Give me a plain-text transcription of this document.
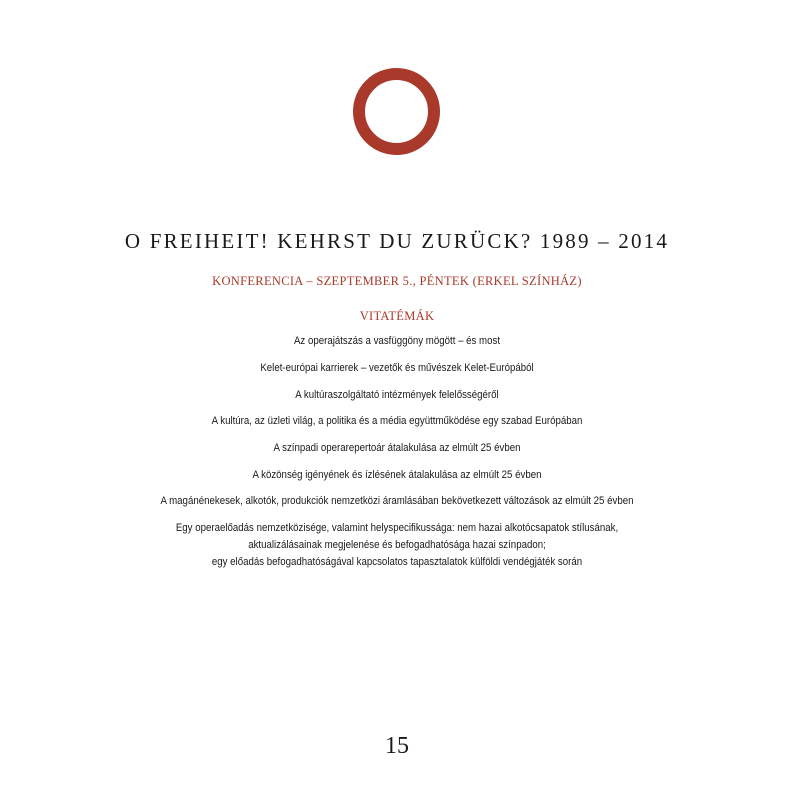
O FREIHEIT! KEHRST DU ZURÜCK? 1989 – 2014
KONFERENCIA – SZEPTEMBER 5., PÉNTEK (ERKEL SZÍNHÁZ)
VITATÉMÁK
Az operajátszás a vasfüggöny mögött – és most
Kelet-európai karrierek – vezetők és művészek Kelet-Európából
A kultúraszolgáltató intézmények felelősségéről
A kultúra, az üzleti világ, a politika és a média együttműködése egy szabad Európában
A színpadi operarepertoár átalakulása az elmúlt 25 évben
A közönség igényének és ízlésének átalakulása az elmúlt 25 évben
A magánénekesek, alkotók, produkciók nemzetközi áramlásában bekövetkezett változások az elmúlt 25 évben
Egy operaelőadás nemzetközisége, valamint helyspecifikussága: nem hazai alkotócsapatok stílusának,
aktualizálásainak megjelenése és befogadhatósága hazai színpadon;
egy előadás befogadhatóságával kapcsolatos tapasztalatok külföldi vendégjáték során
15
